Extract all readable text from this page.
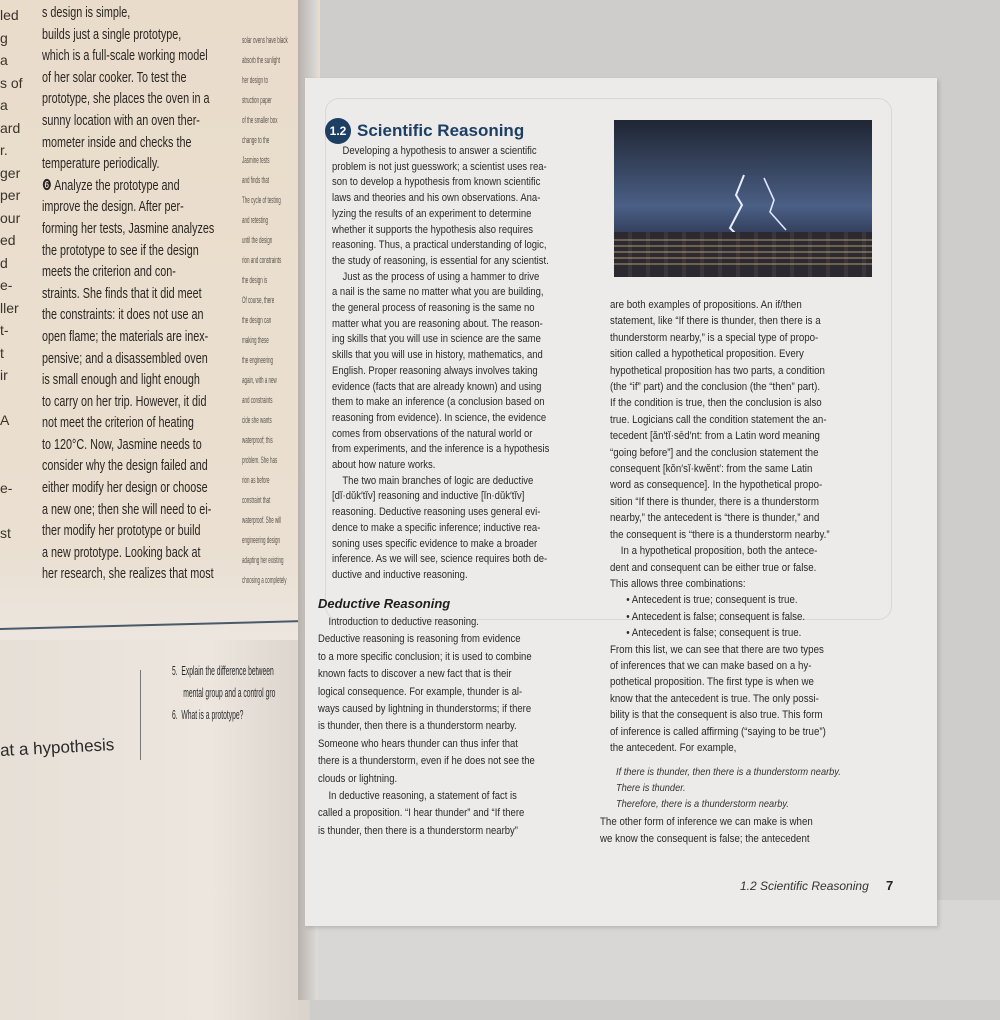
led
g
a
s of
a
ard
r.
ger
per
our
ed
d
e-
ller
t-
t
ir

A

e-

st
s design is simple,
builds just a single prototype,
which is a full-scale working model
of her solar cooker. To test the
prototype, she places the oven in a
sunny location with an oven ther-
mometer inside and checks the
temperature periodically.
❻ Analyze the prototype and
improve the design. After per-
forming her tests, Jasmine analyzes
the prototype to see if the design
meets the criterion and con-
straints. She finds that it did meet
the constraints: it does not use an
open flame; the materials are inex-
pensive; and a disassembled oven
is small enough and light enough
to carry on her trip. However, it did
not meet the criterion of heating
to 120°C. Now, Jasmine needs to
consider why the design failed and
either modify her design or choose
a new one; then she will need to ei-
ther modify her prototype or build
a new prototype. Looking back at
her research, she realizes that most
solar ovens have black
absorb the sunlight
her design to
struction paper
of the smaller box
change to the
Jasmine tests
and finds that
The cycle of testing
and retesting
until the design
rion and constraints
the design is
Of course, there
the design can
making these
the engineering
again, with a new
and constraints
cide she wants
waterproof; this
problem. She has
rion as before
constraint that
waterproof. She will
engineering design
adapting her existing
choosing a completely
5.  Explain the difference between
mental group and a control gro
6.  What is a prototype?
at a hypothesis
1.2 Scientific Reasoning
Developing a hypothesis to answer a scientific
problem is not just guesswork; a scientist uses rea-
son to develop a hypothesis from known scientific
laws and theories and his own observations. Ana-
lyzing the results of an experiment to determine
whether it supports the hypothesis also requires
reasoning. Thus, a practical understanding of logic,
the study of reasoning, is essential for any scientist.
Just as the process of using a hammer to drive
a nail is the same no matter what you are building,
the general process of reasoning is the same no
matter what you are reasoning about. The reason-
ing skills that you will use in science are the same
skills that you will use in history, mathematics, and
English. Proper reasoning always involves taking
evidence (facts that are already known) and using
them to make an inference (a conclusion based on
reasoning from evidence). In science, the evidence
comes from observations of the natural world or
from experiments, and the inference is a hypothesis
about how nature works.
The two main branches of logic are deductive
[dĭ·dŭk′tĭv] reasoning and inductive [ĭn·dŭk′tĭv]
reasoning. Deductive reasoning uses general evi-
dence to make a specific inference; inductive rea-
soning uses specific evidence to make a broader
inference. As we will see, science requires both de-
ductive and inductive reasoning.
Deductive Reasoning
Introduction to deductive reasoning.
Deductive reasoning is reasoning from evidence
to a more specific conclusion; it is used to combine
known facts to discover a new fact that is their
logical consequence. For example, thunder is al-
ways caused by lightning in thunderstorms; if there
is thunder, then there is a thunderstorm nearby.
Someone who hears thunder can thus infer that
there is a thunderstorm, even if he does not see the
clouds or lightning.
In deductive reasoning, a statement of fact is
called a proposition. “I hear thunder” and “If there
is thunder, then there is a thunderstorm nearby”
are both examples of propositions. An if/then
statement, like “If there is thunder, then there is a
thunderstorm nearby,” is a special type of propo-
sition called a hypothetical proposition. Every
hypothetical proposition has two parts, a condition
(the “if” part) and the conclusion (the “then” part).
If the condition is true, then the conclusion is also
true. Logicians call the condition statement the an-
tecedent [ăn′tĭ·sēd′nt: from a Latin word meaning
“going before”] and the conclusion statement the
consequent [kŏn′sĭ·kwĕnt′: from the same Latin
word as consequence]. In the hypothetical propo-
sition “If there is thunder, there is a thunderstorm
nearby,” the antecedent is “there is thunder,” and
the consequent is “there is a thunderstorm nearby.”
In a hypothetical proposition, both the antece-
dent and consequent can be either true or false.
This allows three combinations:
• Antecedent is true; consequent is true.
• Antecedent is false; consequent is false.
• Antecedent is false; consequent is true.
From this list, we can see that there are two types
of inferences that we can make based on a hy-
pothetical proposition. The first type is when we
know that the antecedent is true. The only possi-
bility is that the consequent is also true. This form
of inference is called affirming (“saying to be true”)
the antecedent. For example,
If there is thunder, then there is a thunderstorm nearby.
There is thunder.
Therefore, there is a thunderstorm nearby.
The other form of inference we can make is when
we know the consequent is false; the antecedent
1.2 Scientific Reasoning 7
